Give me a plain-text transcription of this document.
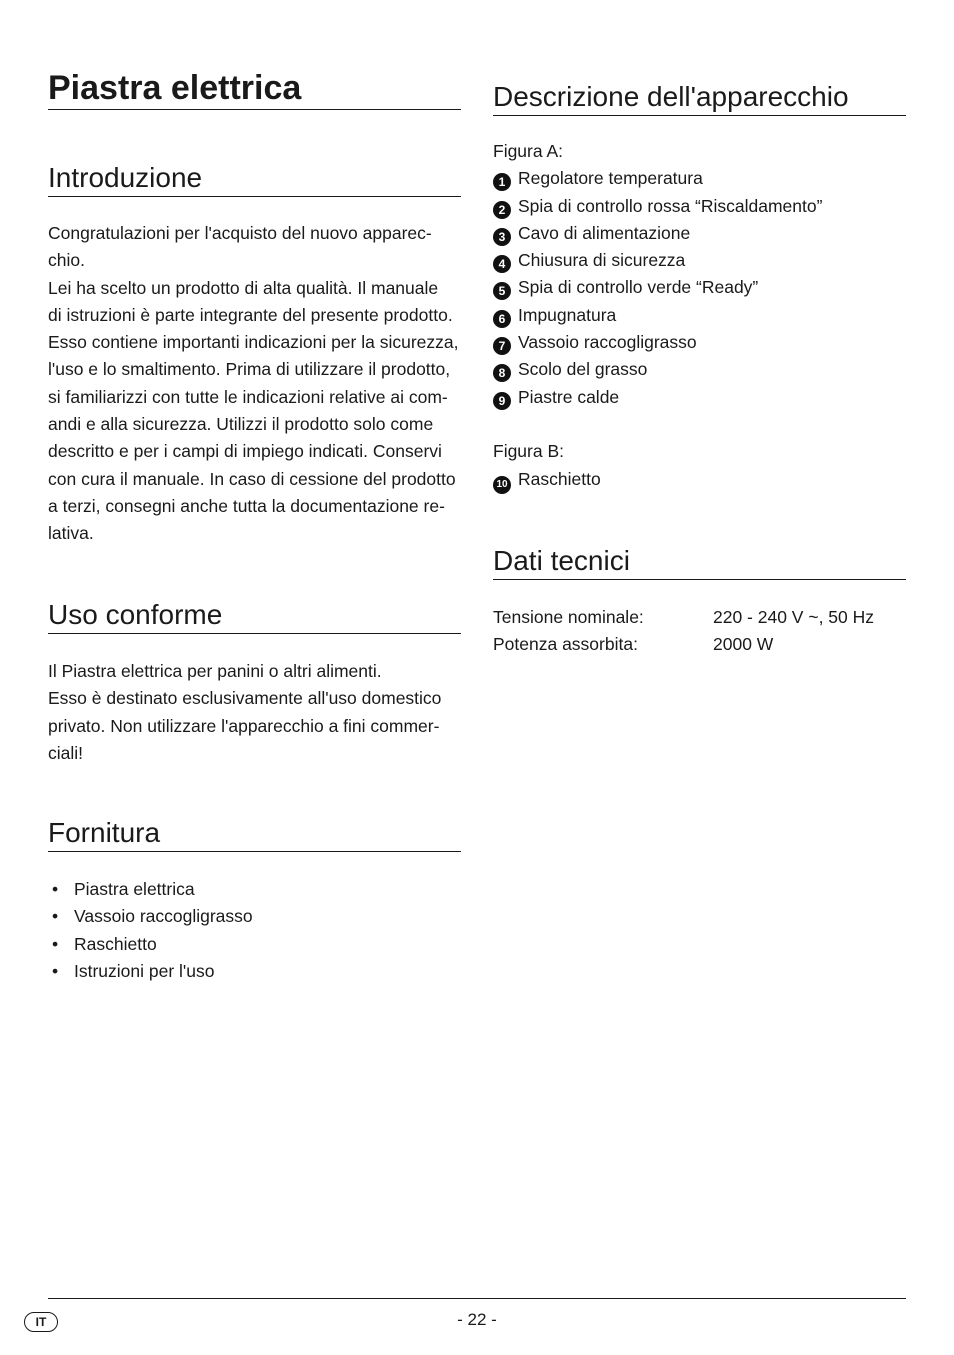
Piastra elettrica
Introduzione

Congratulazioni per l'acquisto del nuovo apparec-

chio.

Lei ha scelto un prodotto di alta qualità. Il manuale

di istruzioni è parte integrante del presente prodotto.

Esso contiene importanti indicazioni per la sicurezza,

l'uso e lo smaltimento. Prima di utilizzare il prodotto,

si familiarizzi con tutte le indicazioni relative ai com-

andi e alla sicurezza. Utilizzi il prodotto solo come

descritto e per i campi di impiego indicati. Conservi

con cura il manuale. In caso di cessione del prodotto

a terzi, consegni anche tutta la documentazione re-

lativa.

Uso conforme

Il Piastra elettrica per panini o altri alimenti.

Esso è destinato esclusivamente all'uso domestico

privato. Non utilizzare l'apparecchio a fini commer-

ciali!

Fornitura
• Piastra elettrica
• Vassoio raccogligrasso
• Raschietto
• Istruzioni per l'uso
Descrizione dell'apparecchio

Figura A:

1 Regolatore temperatura
2 Spia di controllo rossa “Riscaldamento”
3 Cavo di alimentazione
4 Chiusura di sicurezza
5 Spia di controllo verde “Ready”
6 Impugnatura
7 Vassoio raccogligrasso
8 Scolo del grasso
9 Piastre calde

Figura B:

10 Raschietto
Dati tecnici
Tensione nominale:	220 - 240 V ~, 50 Hz
Potenza assorbita:	2000 W
IT	- 22 -
